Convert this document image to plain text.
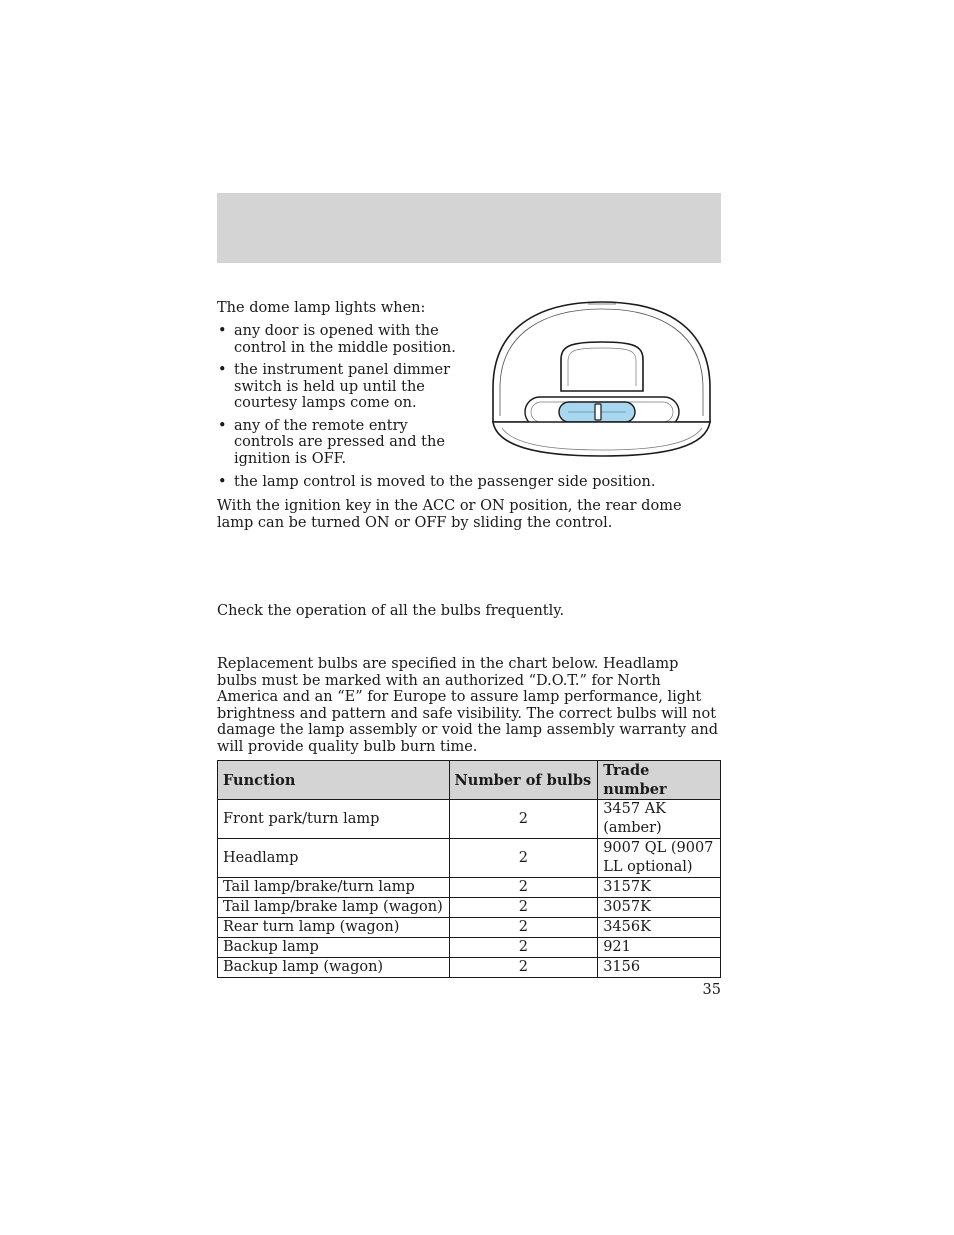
The dome lamp lights when:

• any door is opened with the control in the middle position.
• the instrument panel dimmer switch is held up until the courtesy lamps come on.
• any of the remote entry controls are pressed and the ignition is OFF.
• the lamp control is moved to the passenger side position.

With the ignition key in the ACC or ON position, the rear dome lamp can be turned ON or OFF by sliding the control.

Check the operation of all the bulbs frequently.

Replacement bulbs are specified in the chart below. Headlamp bulbs must be marked with an authorized “D.O.T.” for North America and an “E” for Europe to assure lamp performance, light brightness and pattern and safe visibility. The correct bulbs will not damage the lamp assembly or void the lamp assembly warranty and will provide quality bulb burn time.

Function	Number of bulbs	Trade number
Front park/turn lamp	2	3457 AK (amber)
Headlamp	2	9007 QL (9007 LL optional)
Tail lamp/brake/turn lamp	2	3157K
Tail lamp/brake lamp (wagon)	2	3057K
Rear turn lamp (wagon)	2	3456K
Backup lamp	2	921
Backup lamp (wagon)	2	3156
35
